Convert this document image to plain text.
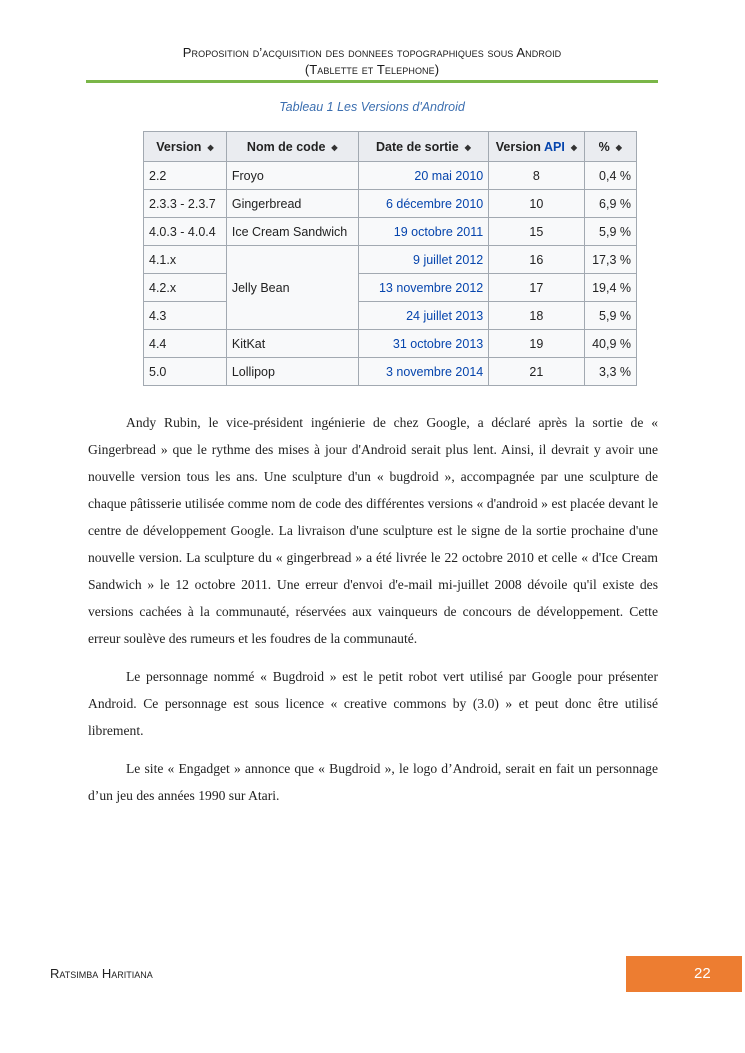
Proposition d’acquisition des donnees topographiques sous Android
(Tablette et Telephone)
Tableau 1 Les Versions d'Android
Version ◆	Nom de code ◆	Date de sortie ◆	Version API ◆	% ◆
2.2	Froyo	20 mai 2010	8	0,4 %
2.3.3 - 2.3.7	Gingerbread	6 décembre 2010	10	6,9 %
4.0.3 - 4.0.4	Ice Cream Sandwich	19 octobre 2011	15	5,9 %
4.1.x	Jelly Bean	9 juillet 2012	16	17,3 %
4.2.x		13 novembre 2012	17	19,4 %
4.3		24 juillet 2013	18	5,9 %
4.4	KitKat	31 octobre 2013	19	40,9 %
5.0	Lollipop	3 novembre 2014	21	3,3 %

Andy Rubin, le vice-président ingénierie de chez Google, a déclaré après la sortie de « Gingerbread » que le rythme des mises à jour d'Android serait plus lent. Ainsi, il devrait y avoir une nouvelle version tous les ans. Une sculpture d'un « bugdroid », accompagnée par une sculpture de chaque pâtisserie utilisée comme nom de code des différentes versions « d'android » est placée devant le centre de développement Google. La livraison d'une sculpture est le signe de la sortie prochaine d'une nouvelle version. La sculpture du « gingerbread » a été livrée le 22 octobre 2010 et celle « d'Ice Cream Sandwich » le 12 octobre 2011. Une erreur d'envoi d'e-mail mi-juillet 2008 dévoile qu'il existe des versions cachées à la communauté, réservées aux vainqueurs de concours de développement. Cette erreur soulève des rumeurs et les foudres de la communauté.

Le personnage nommé « Bugdroid » est le petit robot vert utilisé par Google pour présenter Android. Ce personnage est sous licence « creative commons by (3.0) » et peut donc être utilisé librement.

Le site « Engadget » annonce que « Bugdroid », le logo d’Android, serait en fait un personnage d’un jeu des années 1990 sur Atari.

Ratsimba Haritiana	22
